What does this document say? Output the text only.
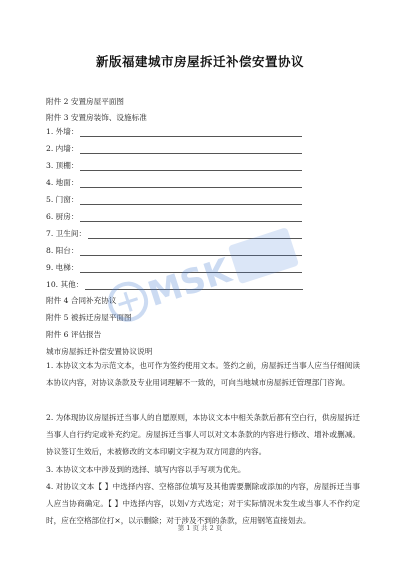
新版福建城市房屋拆迁补偿安置协议
附件 2 安置房屋平面图
附件 3 安置房装饰、设施标准
1. 外墙：
2. 内墙：
3. 顶棚：
4. 地面：
5. 门窗：
6. 厨房：
7. 卫生间：
8. 阳台：
9. 电梯：
10. 其他：
附件 4 合同补充协议
附件 5 被拆迁房屋平面图
附件 6 评估报告
城市房屋拆迁补偿安置协议说明
1. 本协议文本为示范文本，也可作为签约使用文本。签约之前，房屋拆迁当事人应当仔细阅读本协议内容，对协议条款及专业用词理解不一致的，可向当地城市房屋拆迁管理部门咨询。
2. 为体现协议房屋拆迁当事人的自愿原则，本协议文本中相关条款后都有空白行，供房屋拆迁当事人自行约定或补充约定。房屋拆迁当事人可以对文本条款的内容进行修改、增补或删减。协议签订生效后，未被修改的文本印刷文字视为双方同意的内容。
3. 本协议文本中涉及到的选择、填写内容以手写项为优先。
4. 对协议文本【 】中选择内容、空格部位填写及其他需要删除或添加的内容，房屋拆迁当事人应当协商确定。【 】中选择内容，以划√方式选定；对于实际情况未发生或当事人不作约定时，应在空格部位打×，以示删除；对于涉及不到的条款，应用钢笔直接划去。
第 1 页 共 2 页
MSK
